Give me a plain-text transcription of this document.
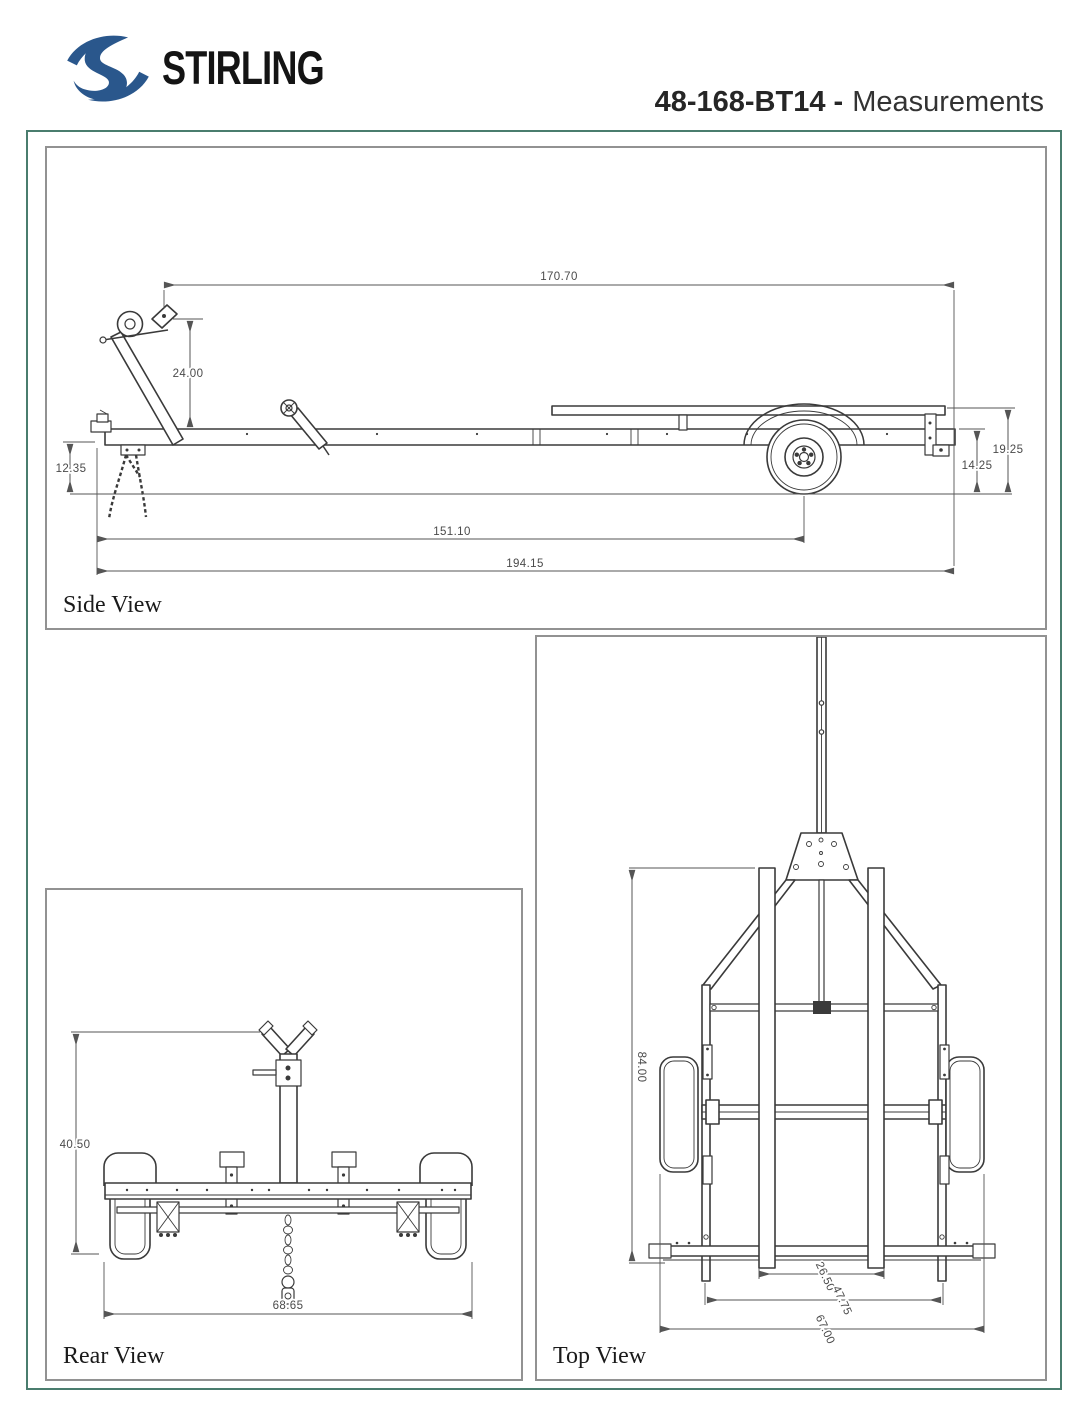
STIRLING
48-168-BT14 - Measurements
170.70
24.00
12.35	14.25
19.25
151.10
194.15
Side View
40.50
68.65
Rear View
84.00
26.50
47.75
67.00
Top View
